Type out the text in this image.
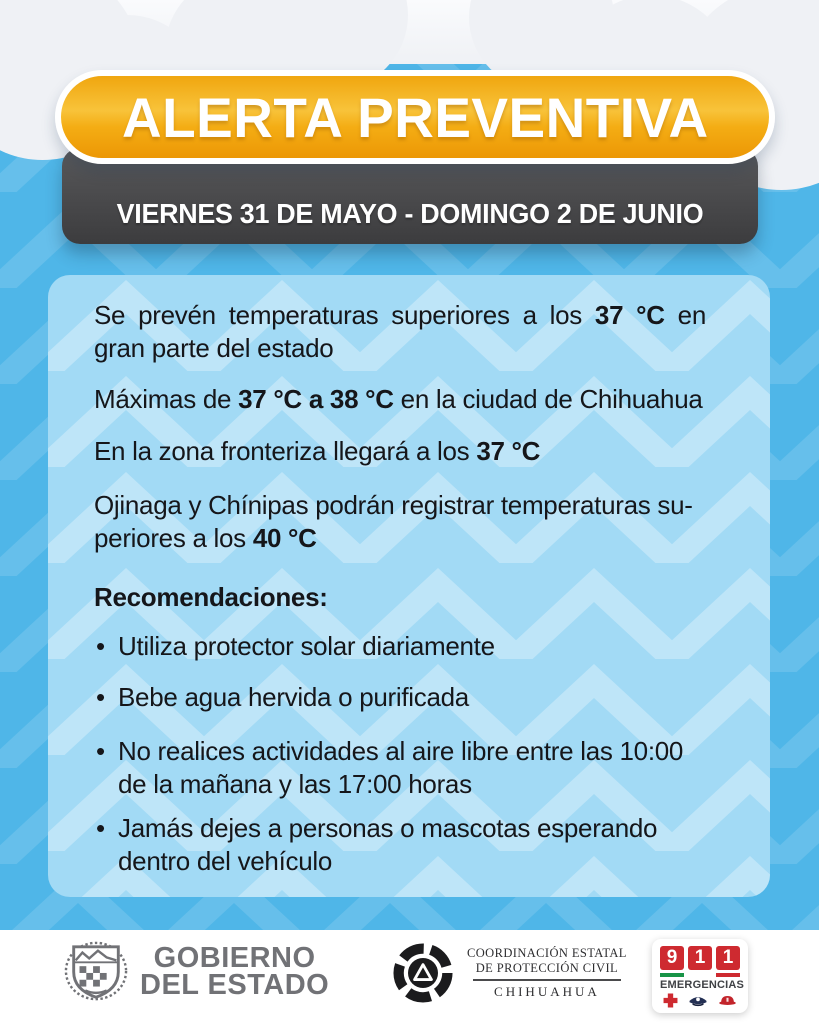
VIERNES 31 DE MAYO - DOMINGO 2 DE JUNIO
ALERTA PREVENTIVA

Se prevén temperaturas superiores a los 37 °C en
gran parte del estado

Máximas de 37 °C a 38 °C en la ciudad de Chihuahua

En la zona fronteriza llegará a los 37 °C

Ojinaga y Chínipas podrán registrar temperaturas su-
periores a los 40 °C

Recomendaciones:

• Utiliza protector solar diariamente
• Bebe agua hervida o purificada
• No realices actividades al aire libre entre las 10:00
de la mañana y las 17:00 horas
• Jamás dejes a personas o mascotas esperando
dentro del vehículo
GOBIERNO
DEL ESTADO
COORDINACIÓN ESTATAL
DE PROTECCIÓN CIVIL
CHIHUAHUA
9 1 1
EMERGENCIAS
